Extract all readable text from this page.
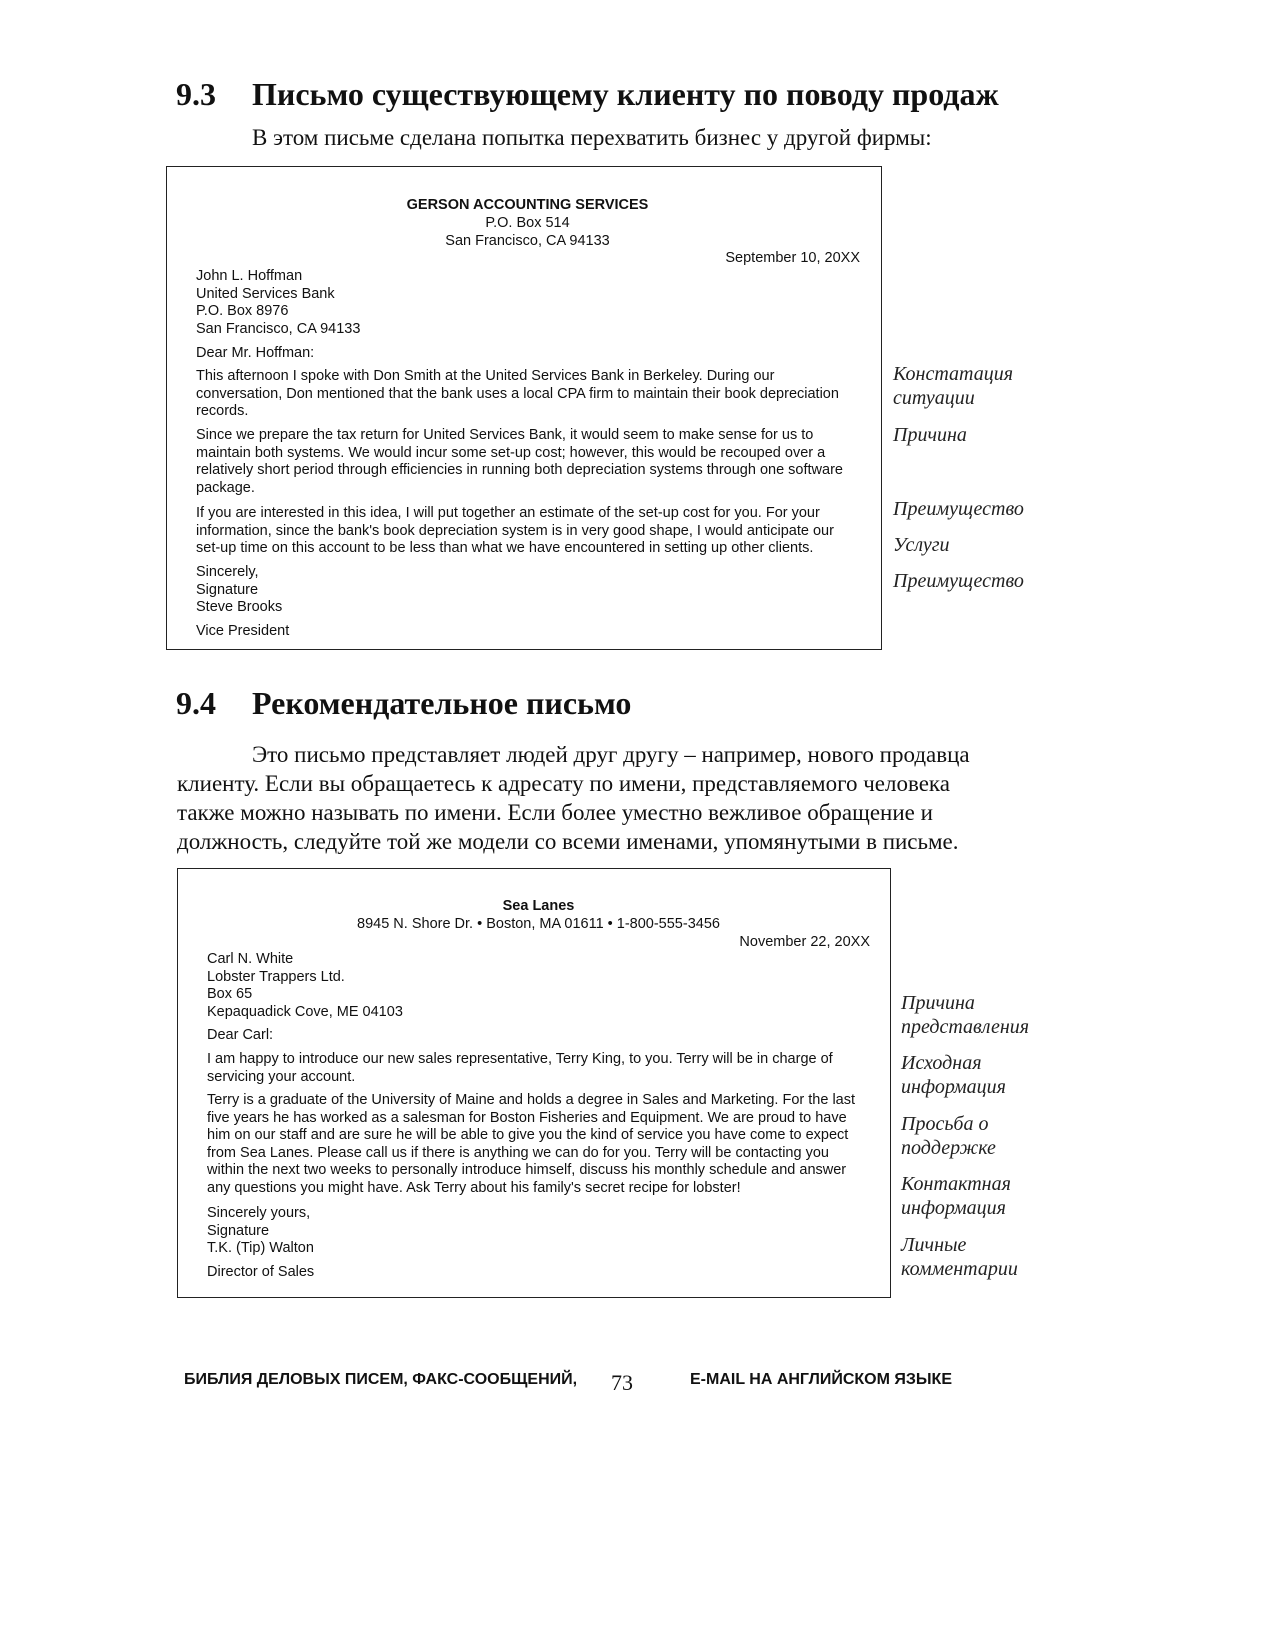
9.3 Письмо существующему клиенту по поводу продаж
В этом письме сделана попытка перехватить бизнес у другой фирмы:
GERSON ACCOUNTING SERVICES
P.O. Box 514
San Francisco, CA 94133
September 10, 20XX
John L. Hoffman
United Services Bank
P.O. Box 8976
San Francisco, CA 94133
Dear Mr. Hoffman:
This afternoon I spoke with Don Smith at the United Services Bank in Berkeley. During our
conversation, Don mentioned that the bank uses a local CPA firm to maintain their book depreciation
records.
Since we prepare the tax return for United Services Bank, it would seem to make sense for us to
maintain both systems. We would incur some set-up cost; however, this would be recouped over a
relatively short period through efficiencies in running both depreciation systems through one software
package.
If you are interested in this idea, I will put together an estimate of the set-up cost for you. For your
information, since the bank's book depreciation system is in very good shape, I would anticipate our
set-up time on this account to be less than what we have encountered in setting up other clients.
Sincerely,
Signature
Steve Brooks
Vice President
Констатация
ситуации
Причина
Преимущество
Услуги
Преимущество
9.4 Рекомендательное письмо
Это письмо представляет людей друг другу – например, нового продавца
клиенту. Если вы обращаетесь к адресату по имени, представляемого человека
также можно называть по имени. Если более уместно вежливое обращение и
должность, следуйте той же модели со всеми именами, упомянутыми в письме.
Sea Lanes
8945 N. Shore Dr. • Boston, MA 01611 • 1-800-555-3456
November 22, 20XX
Carl N. White
Lobster Trappers Ltd.
Box 65
Kepaquadick Cove, ME 04103
Dear Carl:
I am happy to introduce our new sales representative, Terry King, to you. Terry will be in charge of
servicing your account.
Terry is a graduate of the University of Maine and holds a degree in Sales and Marketing. For the last
five years he has worked as a salesman for Boston Fisheries and Equipment. We are proud to have
him on our staff and are sure he will be able to give you the kind of service you have come to expect
from Sea Lanes. Please call us if there is anything we can do for you. Terry will be contacting you
within the next two weeks to personally introduce himself, discuss his monthly schedule and answer
any questions you might have. Ask Terry about his family's secret recipe for lobster!
Sincerely yours,
Signature
T.K. (Tip) Walton
Director of Sales
Причина
представления
Исходная
информация
Просьба о
поддержке
Контактная
информация
Личные
комментарии
БИБЛИЯ ДЕЛОВЫХ ПИСЕМ, ФАКС-СООБЩЕНИЙ, 73	E-MAIL НА АНГЛИЙСКОМ ЯЗЫКЕ
